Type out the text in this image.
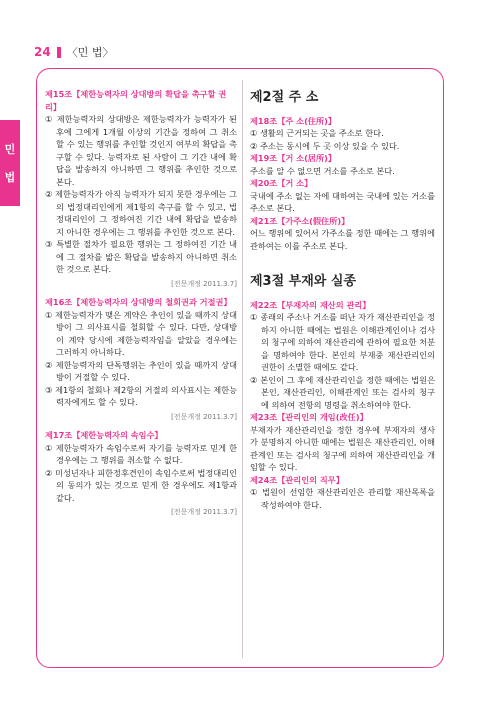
24 〈민 법〉
민
법

제15조【제한능력자의 상대방의 확답을 촉구할 권리】

① 제한능력자의 상대방은 제한능력자가 능력자가 된 후에 그에게 1개월 이상의 기간을 정하여 그 취소할 수 있는 행위를 추인할 것인지 여부의 확답을 촉구할 수 있다. 능력자로 된 사람이 그 기간 내에 확답을 발송하지 아니하면 그 행위를 추인한 것으로 본다.

② 제한능력자가 아직 능력자가 되지 못한 경우에는 그의 법정대리인에게 제1항의 촉구를 할 수 있고, 법정대리인이 그 정하여진 기간 내에 확답을 발송하지 아니한 경우에는 그 행위를 추인한 것으로 본다.

③ 특별한 절차가 필요한 행위는 그 정하여진 기간 내에 그 절차를 밟은 확답을 발송하지 아니하면 취소한 것으로 본다.

[전문개정 2011.3.7]

제16조【제한능력자의 상대방의 철회권과 거절권】

① 제한능력자가 맺은 계약은 추인이 있을 때까지 상대방이 그 의사표시를 철회할 수 있다. 다만, 상대방이 계약 당시에 제한능력자임을 알았을 경우에는 그러하지 아니하다.

② 제한능력자의 단독행위는 추인이 있을 때까지 상대방이 거절할 수 있다.

③ 제1항의 철회나 제2항의 거절의 의사표시는 제한능력자에게도 할 수 있다.

[전문개정 2011.3.7]

제17조【제한능력자의 속임수】

① 제한능력자가 속임수로써 자기를 능력자로 믿게 한 경우에는 그 행위를 취소할 수 없다.

② 미성년자나 피한정후견인이 속임수로써 법정대리인의 동의가 있는 것으로 믿게 한 경우에도 제1항과 같다.

[전문개정 2011.3.7]

제2절 주 소

제18조【주 소(住所)】

① 생활의 근거되는 곳을 주소로 한다.

② 주소는 동시에 두 곳 이상 있을 수 있다.

제19조【거 소(居所)】

주소를 알 수 없으면 거소를 주소로 본다.

제20조【거 소】

국내에 주소 없는 자에 대하여는 국내에 있는 거소를 주소로 본다.

제21조【가주소(假住所)】

어느 행위에 있어서 가주소를 정한 때에는 그 행위에 관하여는 이를 주소로 본다.

제3절 부재와 실종

제22조【부재자의 재산의 관리】

① 종래의 주소나 거소를 떠난 자가 재산관리인을 정하지 아니한 때에는 법원은 이해관계인이나 검사의 청구에 의하여 재산관리에 관하여 필요한 처분을 명하여야 한다. 본인의 부재중 재산관리인의 권한이 소멸한 때에도 같다.

② 본인이 그 후에 재산관리인을 정한 때에는 법원은 본인, 재산관리인, 이해관계인 또는 검사의 청구에 의하여 전항의 명령을 취소하여야 한다.

제23조【관리인의 개임(改任)】

부재자가 재산관리인을 정한 경우에 부재자의 생사가 분명하지 아니한 때에는 법원은 재산관리인, 이해관계인 또는 검사의 청구에 의하여 재산관리인을 개임할 수 있다.

제24조【관리인의 직무】

① 법원이 선임한 재산관리인은 관리할 재산목록을 작성하여야 한다.
